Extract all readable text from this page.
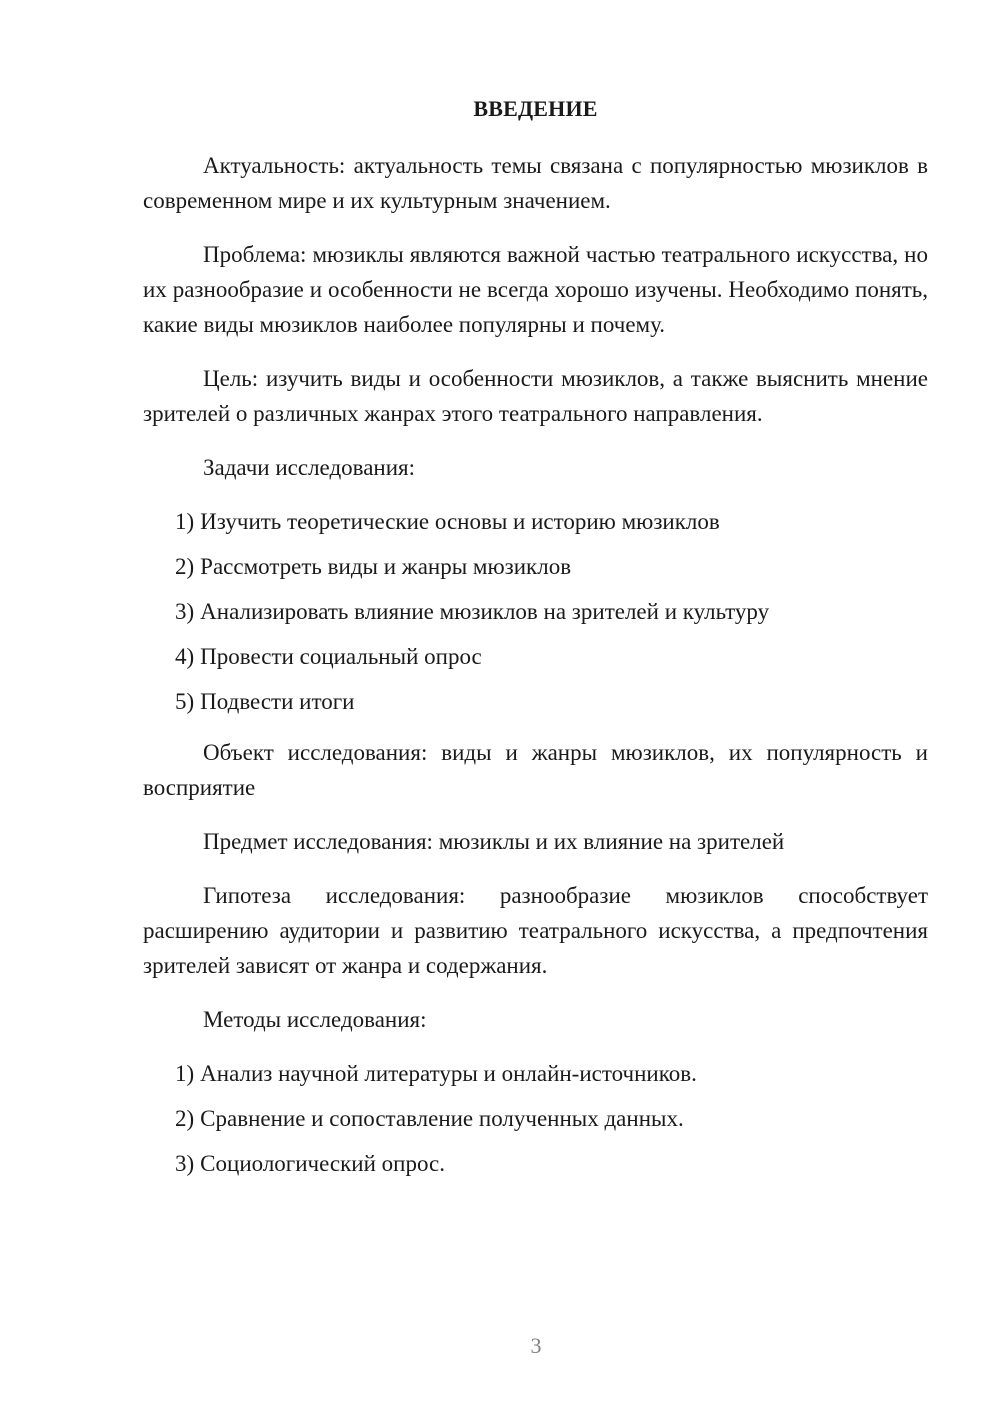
ВВЕДЕНИЕ

Актуальность: актуальность темы связана с популярностью мюзиклов в современном мире и их культурным значением.

Проблема: мюзиклы являются важной частью театрального искусства, но их разнообразие и особенности не всегда хорошо изучены. Необходимо понять, какие виды мюзиклов наиболее популярны и почему.

Цель: изучить виды и особенности мюзиклов, а также выяснить мнение зрителей о различных жанрах этого театрального направления.

Задачи исследования:

1) Изучить теоретические основы и историю мюзиклов
2) Рассмотреть виды и жанры мюзиклов
3) Анализировать влияние мюзиклов на зрителей и культуру
4) Провести социальный опрос
5) Подвести итоги

Объект исследования: виды и жанры мюзиклов, их популярность и восприятие

Предмет исследования: мюзиклы и их влияние на зрителей

Гипотеза исследования: разнообразие мюзиклов способствует расширению аудитории и развитию театрального искусства, а предпочтения зрителей зависят от жанра и содержания.

Методы исследования:

1) Анализ научной литературы и онлайн-источников.
2) Сравнение и сопоставление полученных данных.
3) Социологический опрос.
3
